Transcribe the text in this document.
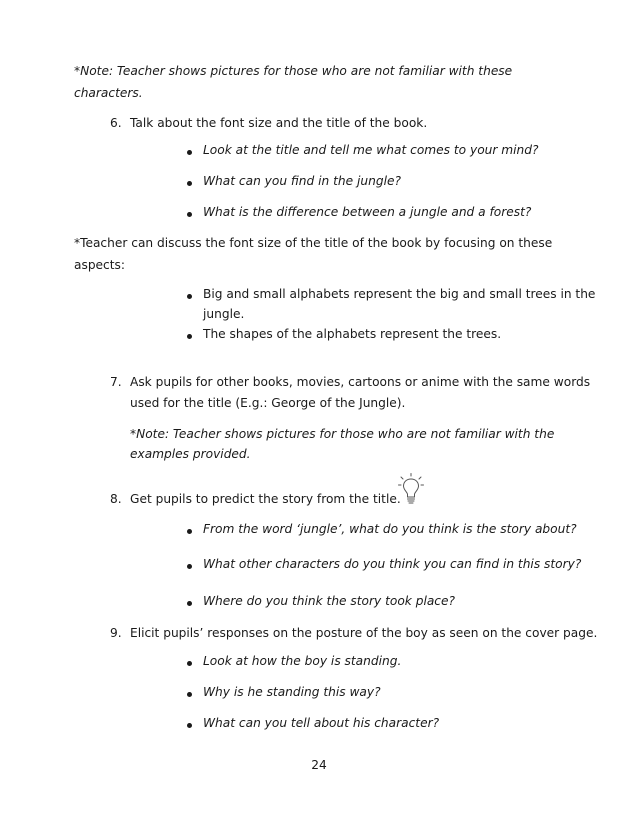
*Note: Teacher shows pictures for those who are not familiar with these
characters.
6. Talk about the font size and the title of the book.
Look at the title and tell me what comes to your mind?
What can you find in the jungle?
What is the difference between a jungle and a forest?
*Teacher can discuss the font size of the title of the book by focusing on these
aspects:
Big and small alphabets represent the big and small trees in the
jungle.
The shapes of the alphabets represent the trees.
7. Ask pupils for other books, movies, cartoons or anime with the same words
used for the title (E.g.: George of the Jungle).
*Note: Teacher shows pictures for those who are not familiar with the
examples provided.
8. Get pupils to predict the story from the title.
From the word ‘jungle’, what do you think is the story about?
What other characters do you think you can find in this story?
Where do you think the story took place?
9. Elicit pupils’ responses on the posture of the boy as seen on the cover page.
Look at how the boy is standing.
Why is he standing this way?
What can you tell about his character?
24
